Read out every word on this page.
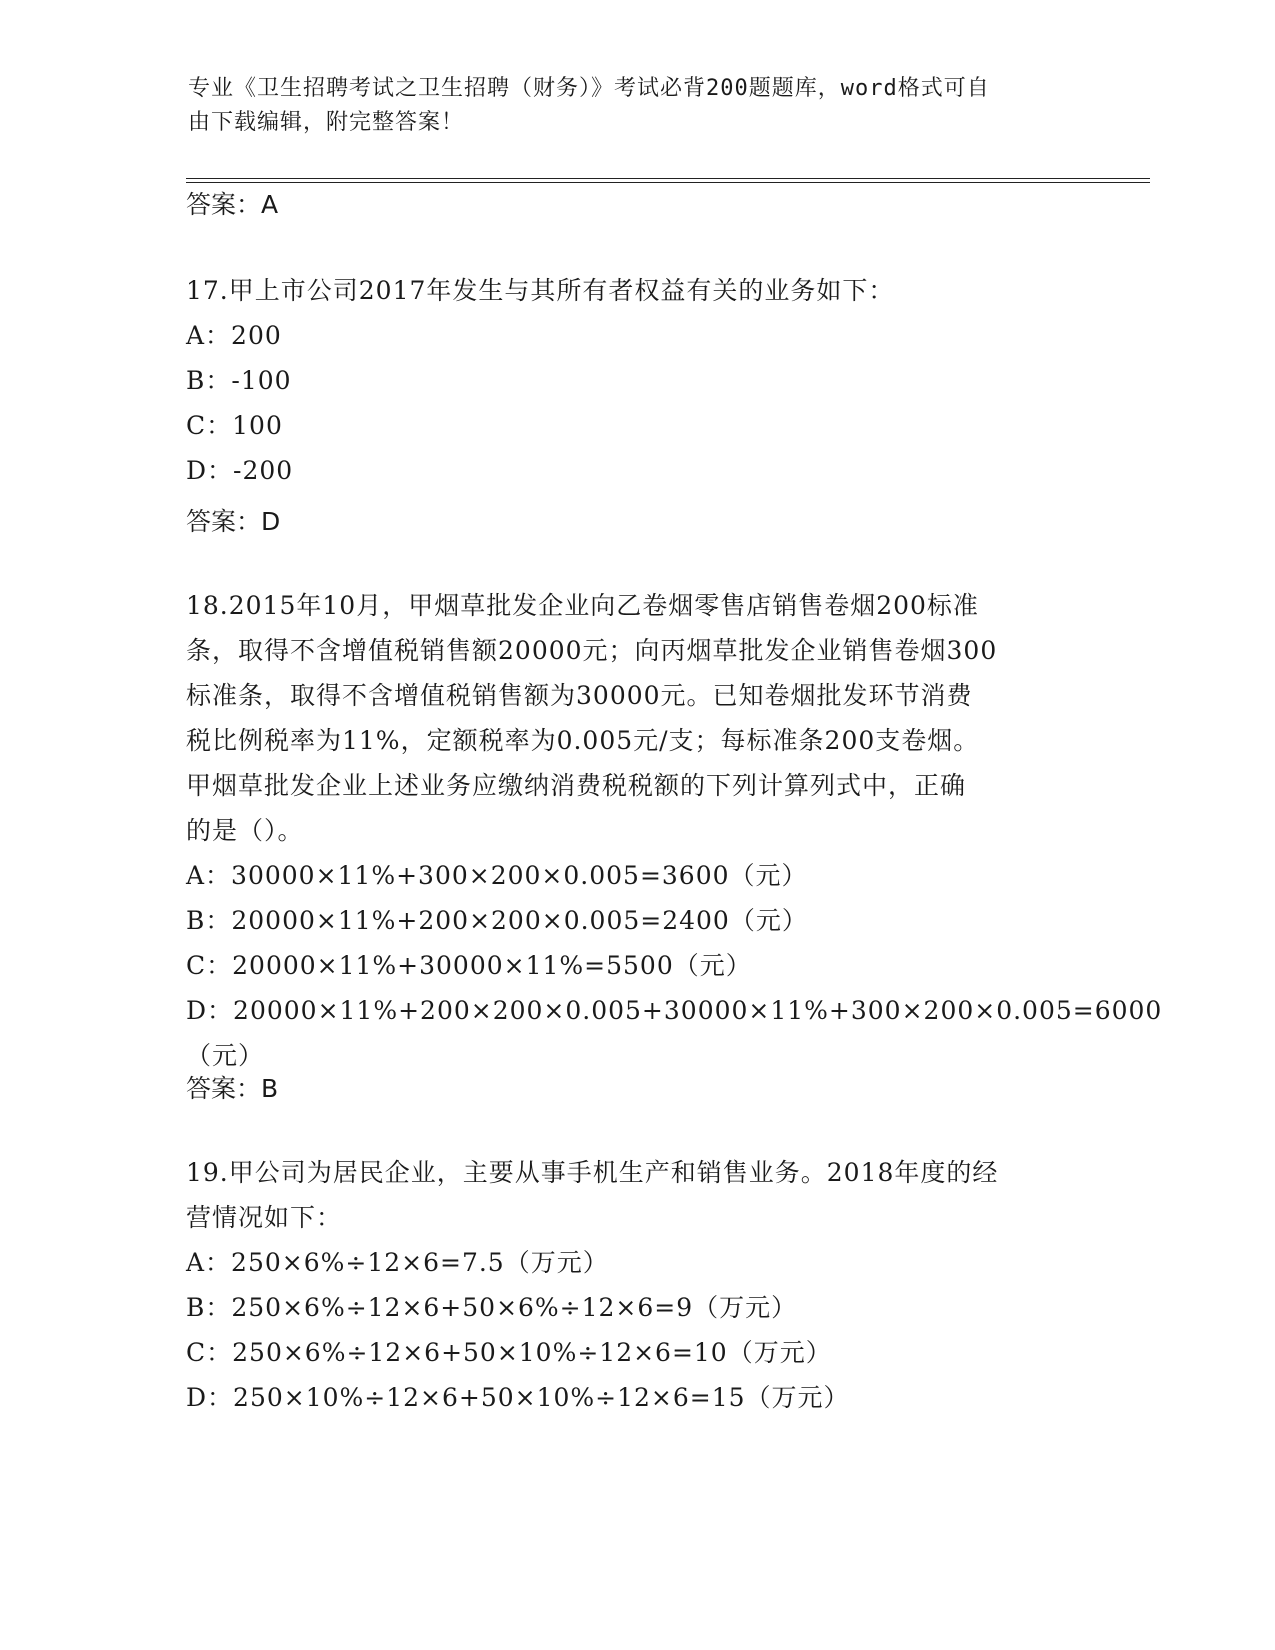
专业《卫生招聘考试之卫生招聘（财务）》考试必背200题题库，word格式可自
由下载编辑，附完整答案！
答案：A
17.甲上市公司2017年发生与其所有者权益有关的业务如下：
A：200
B：-100
C：100
D：-200
答案：D
18.2015年10月，甲烟草批发企业向乙卷烟零售店销售卷烟200标准
条，取得不含增值税销售额20000元；向丙烟草批发企业销售卷烟300
标准条，取得不含增值税销售额为30000元。已知卷烟批发环节消费
税比例税率为11%，定额税率为0.005元/支；每标准条200支卷烟。
甲烟草批发企业上述业务应缴纳消费税税额的下列计算列式中，正确
的是（）。
A：30000×11%+300×200×0.005=3600（元）
B：20000×11%+200×200×0.005=2400（元）
C：20000×11%+30000×11%=5500（元）
D：20000×11%+200×200×0.005+30000×11%+300×200×0.005=6000
（元）
答案：B
19.甲公司为居民企业，主要从事手机生产和销售业务。2018年度的经
营情况如下：
A：250×6%÷12×6=7.5（万元）
B：250×6%÷12×6+50×6%÷12×6=9（万元）
C：250×6%÷12×6+50×10%÷12×6=10（万元）
D：250×10%÷12×6+50×10%÷12×6=15（万元）
